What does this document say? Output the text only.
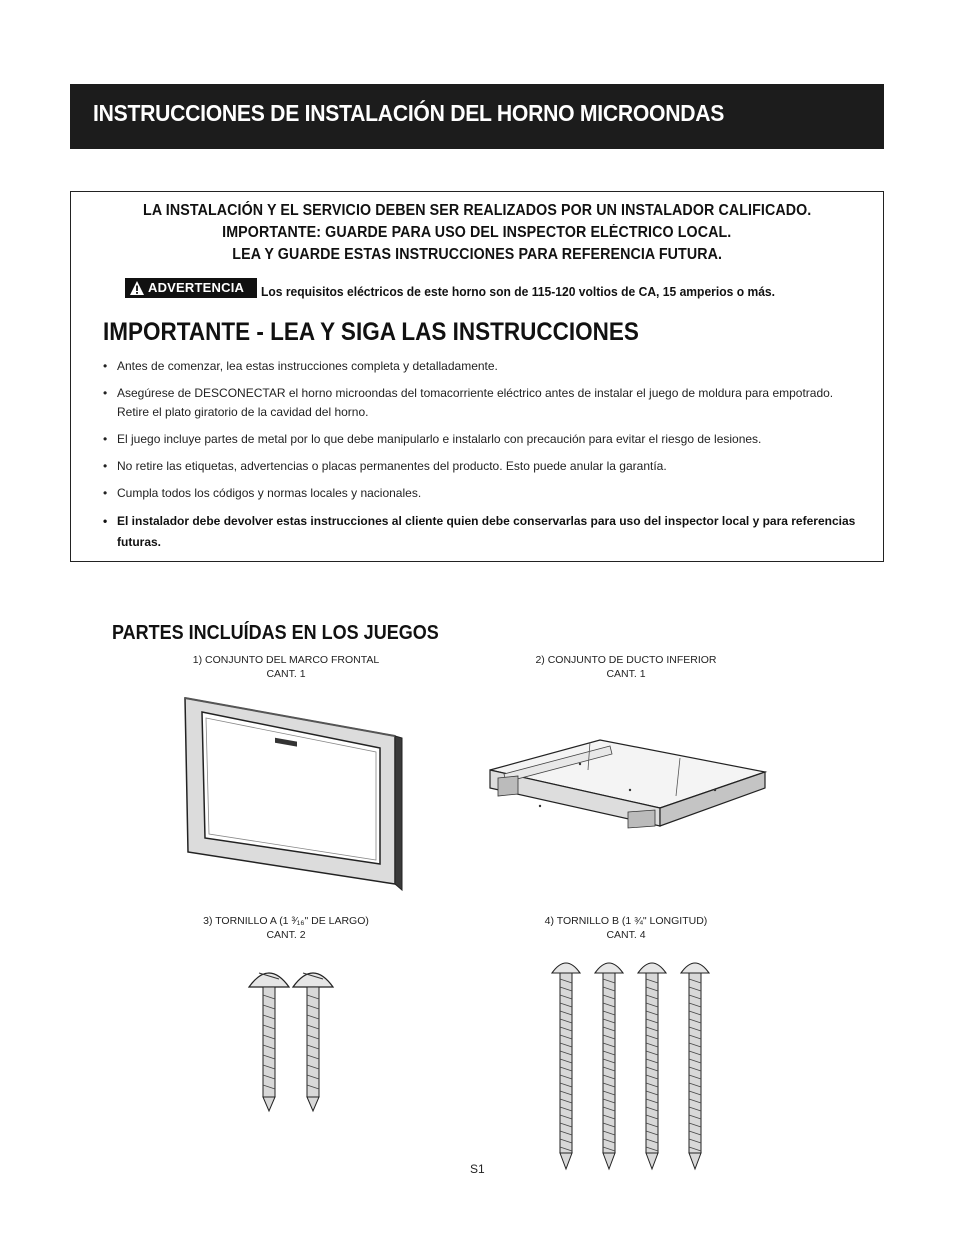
INSTRUCCIONES DE INSTALACIÓN DEL HORNO MICROONDAS
LA INSTALACIÓN Y EL SERVICIO DEBEN SER REALIZADOS POR UN INSTALADOR CALIFICADO.
IMPORTANTE: GUARDE PARA USO DEL INSPECTOR ELÉCTRICO LOCAL.
LEA Y GUARDE ESTAS INSTRUCCIONES PARA REFERENCIA FUTURA.
ADVERTENCIA Los requisitos eléctricos de este horno son de 115-120 voltios de CA, 15 amperios o más.
IMPORTANTE - LEA Y SIGA LAS INSTRUCCIONES
• Antes de comenzar, lea estas instrucciones completa y detalladamente.
• Asegúrese de DESCONECTAR el horno microondas del tomacorriente eléctrico antes de instalar el juego de moldura para empotrado. Retire el plato giratorio de la cavidad del horno.
• El juego incluye partes de metal por lo que debe manipularlo e instalarlo con precaución para evitar el riesgo de lesiones.
• No retire las etiquetas, advertencias o placas permanentes del producto. Esto puede anular la garantía.
• Cumpla todos los códigos y normas locales y nacionales.
• El instalador debe devolver estas instrucciones al cliente quien debe conservarlas para uso del inspector local y para referencias futuras.
PARTES INCLUÍDAS EN LOS JUEGOS
1) CONJUNTO DEL MARCO FRONTAL
CANT. 1
2) CONJUNTO DE DUCTO INFERIOR
CANT. 1
3) TORNILLO A (1 ³⁄₁₆" DE LARGO)
CANT. 2
4) TORNILLO B (1 ¾" LONGITUD)
CANT. 4
S1
